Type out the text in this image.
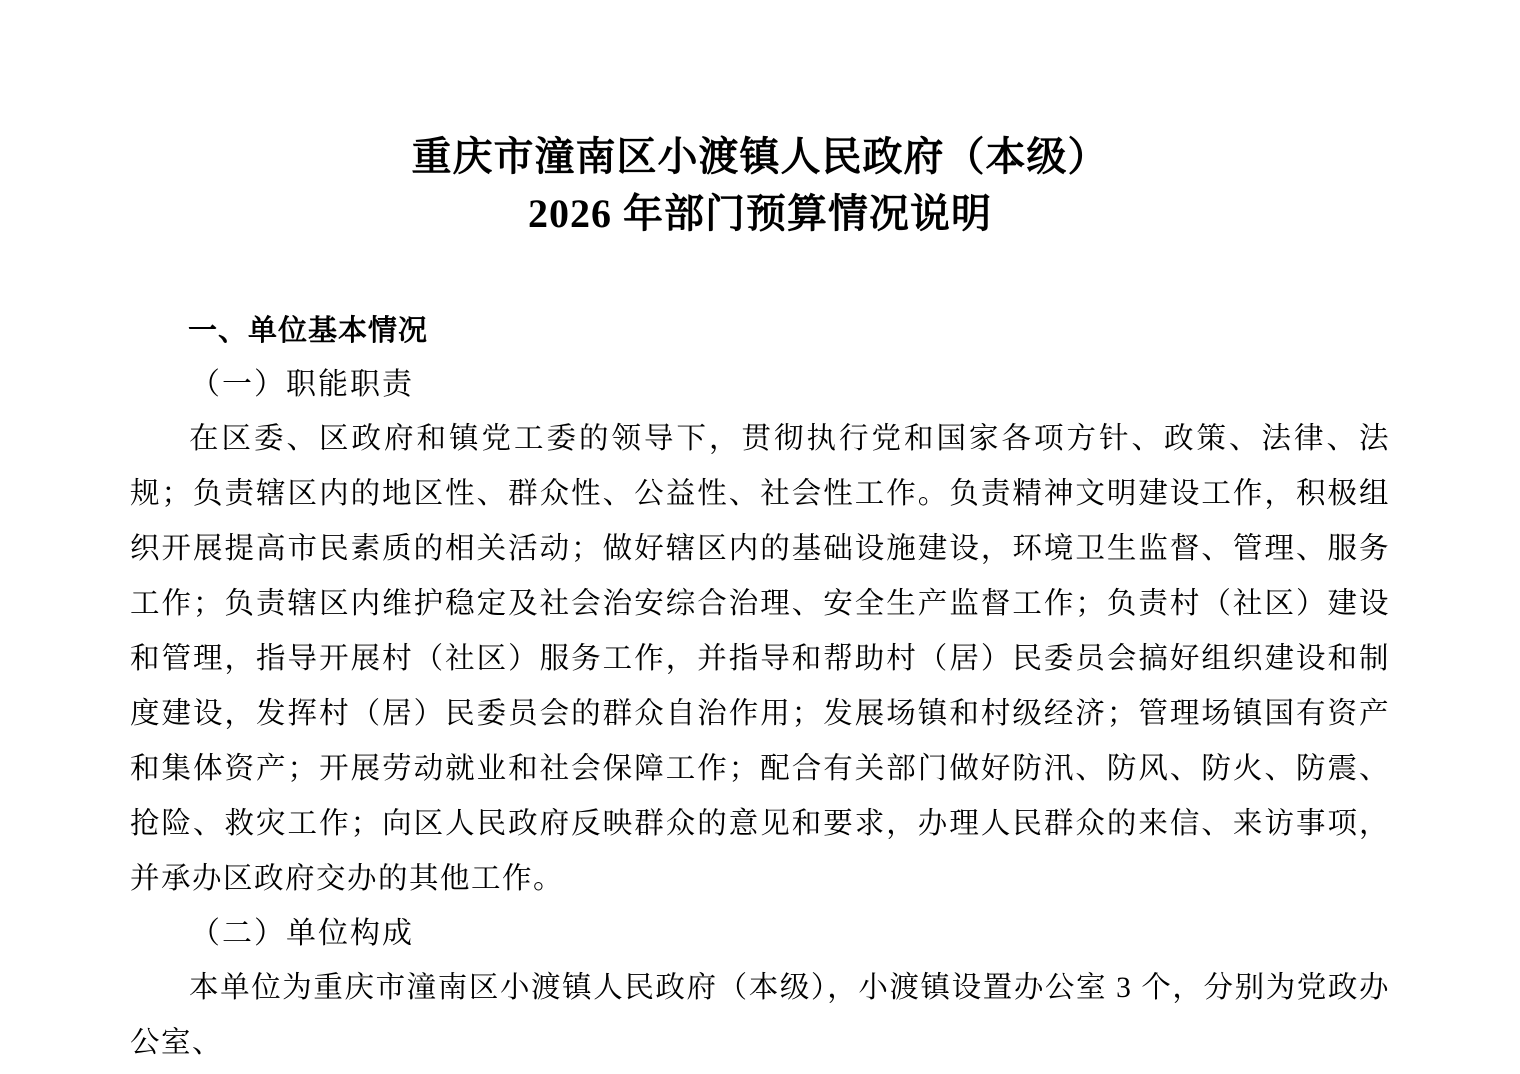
重庆市潼南区小渡镇人民政府（本级）
2026 年部门预算情况说明
一、单位基本情况
（一）职能职责

在区委、区政府和镇党工委的领导下，贯彻执行党和国家各项方针、政策、法律、法规；负责辖区内的地区性、群众性、公益性、社会性工作。负责精神文明建设工作，积极组织开展提高市民素质的相关活动；做好辖区内的基础设施建设，环境卫生监督、管理、服务工作；负责辖区内维护稳定及社会治安综合治理、安全生产监督工作；负责村（社区）建设和管理，指导开展村（社区）服务工作，并指导和帮助村（居）民委员会搞好组织建设和制度建设，发挥村（居）民委员会的群众自治作用；发展场镇和村级经济；管理场镇国有资产和集体资产；开展劳动就业和社会保障工作；配合有关部门做好防汛、防风、防火、防震、抢险、救灾工作；向区人民政府反映群众的意见和要求，办理人民群众的来信、来访事项，并承办区政府交办的其他工作。

（二）单位构成

本单位为重庆市潼南区小渡镇人民政府（本级），小渡镇设置办公室 3 个，分别为党政办公室、
